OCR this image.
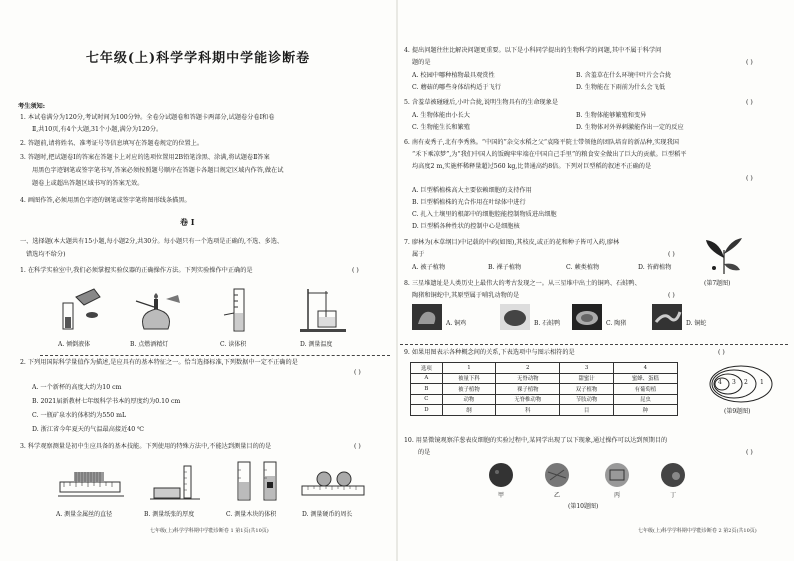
七年级(上)科学学科期中学能诊断卷
考生须知:
1. 本试卷满分为120分,考试时间为100分钟。全卷分试题卷和答题卡两部分,试题卷分卷Ⅰ和卷
Ⅱ,共10页,有4个大题,31个小题,满分为120分。
2. 答题前,请将姓名、准考证号等信息填写在答题卷规定的位置上。
3. 答题时,把试题卷Ⅰ的答案在答题卡上对应的选项位置用2B铅笔涂黑、涂满,将试题卷Ⅱ答案
用黑色字迹钢笔或签字笔书写,答案必须按照题号顺序在答题卡各题目规定区域内作答,做在试
题卷上或超出答题区域书写的答案无效。
4. 画图作答,必须用黑色字迹的钢笔或签字笔将图形线条描黑。
卷 Ⅰ
一、选择题(本大题共有15小题,每小题2分,共30分。每小题只有一个选项是正确的,不选、多选、
错选均不给分)
1. 在科学实验室中,我们必须掌握实验仪器的正确操作方法。下列实验操作中正确的是	( )
A. 倾倒液体	B. 点燃酒精灯	C. 读体积	D. 测量温度
2. 下列用国际科学量值作为描述,是应具有的基本特征之一。恰当选择标准,下列数据中一定不正确的是
( )
A. 一个新杯的高度大约为10 cm
B. 2021届新教材七年级科学书本的厚度约为0.10 cm
C. 一瓶矿泉水的体积约为550 mL
D. 浙江省今年夏天的气温最高接近40 ℃
3. 科学观察测量是初中生应具备的基本技能。下列使用的特殊方法中,不能达到测量目的的是	( )
A. 测量金属丝的直径	B. 测量纸张的厚度	C. 测量木块的体积	D. 测量硬币的周长
七年级(上)科学学科期中学能诊断卷 1 第1页(共10页)
4. 提出问题往往比解决问题更重要。以下是小科同学提出的生物科学的问题,其中不属于科学问
题的是	( )
A. 校园中哪种植物最具观赏性	B. 含羞草在什么环境中叶片会合拢
C. 蘑菇的哪些身体结构适于飞行	D. 生物能在下雨前为什么会飞低
5. 含羞草被碰碰后,小叶合拢,说明生物具有的生命现象是	( )
A. 生物体能由小长大	B. 生物体能够繁殖和变异
C. 生物能生长和繁殖	D. 生物体对外界刺激能作出一定的反应
6. 南有麦秀子,北有李秀熟。“中国的”杂交水稻之父“袁隆平院士带领他的团队培育的新品种,实现我国
“禾下乘凉梦”,为“我们中国人的饭碗牢牢端在中国自己手里”的粮食安全做出了巨大的贡献。巨型稻平
均高度2 m,实施杯稀释量超过560 kg,比普通高约8倍。下列对巨型稻的叙述不正确的是
( )
A. 巨型稻植株高大主要依赖细胞的支持作用
B. 巨型稻植株的光合作用在叶绿体中进行
C. 扎入土壤里的根部中的细胞腔能控制物质进出细胞
D. 巨型稻各种性状的控制中心是细胞核
7. 廖林为(本草纲目)中记载的中药(如图),其枝皮,或正的花和种子皆可入药,廖林
属于	( )
A. 被子植物	B. 裸子植物	C. 蕨类植物	D. 苔藓植物
(第7题图)
8. 三星堆遗址是人类历史上最伟大的考古发现之一。从三星堆中出土的铜鸡、石蛙鸭、
陶猪和铜蛇中,其原型属于哺乳动物的是	( )
A. 铜鸡	B. 石蛙鸭	C. 陶猪	D. 铜蛇
9. 如果用图表示各种概念间的关系,下表选项中与图示相符的是	( )
选项	1	2	3	4
A	被量下科	无脊动物	甜蜜计	蜜蜂、蛋糕
B	被子植物	裸子植物	双子植物	有葡萄植
C	动物	无脊椎动物	节肢动物	昆虫
D	纲	科	目	种
4 3 2 1
(第9题图)
10. 用显微镜观察洋葱表皮细胞的实验过程中,某同学出现了以下现象,通过操作可以达到预期目的
的是	( )
甲	乙	丙	丁
(第10题图)
七年级(上)科学学科期中学能诊断卷 2 第2页(共10页)
